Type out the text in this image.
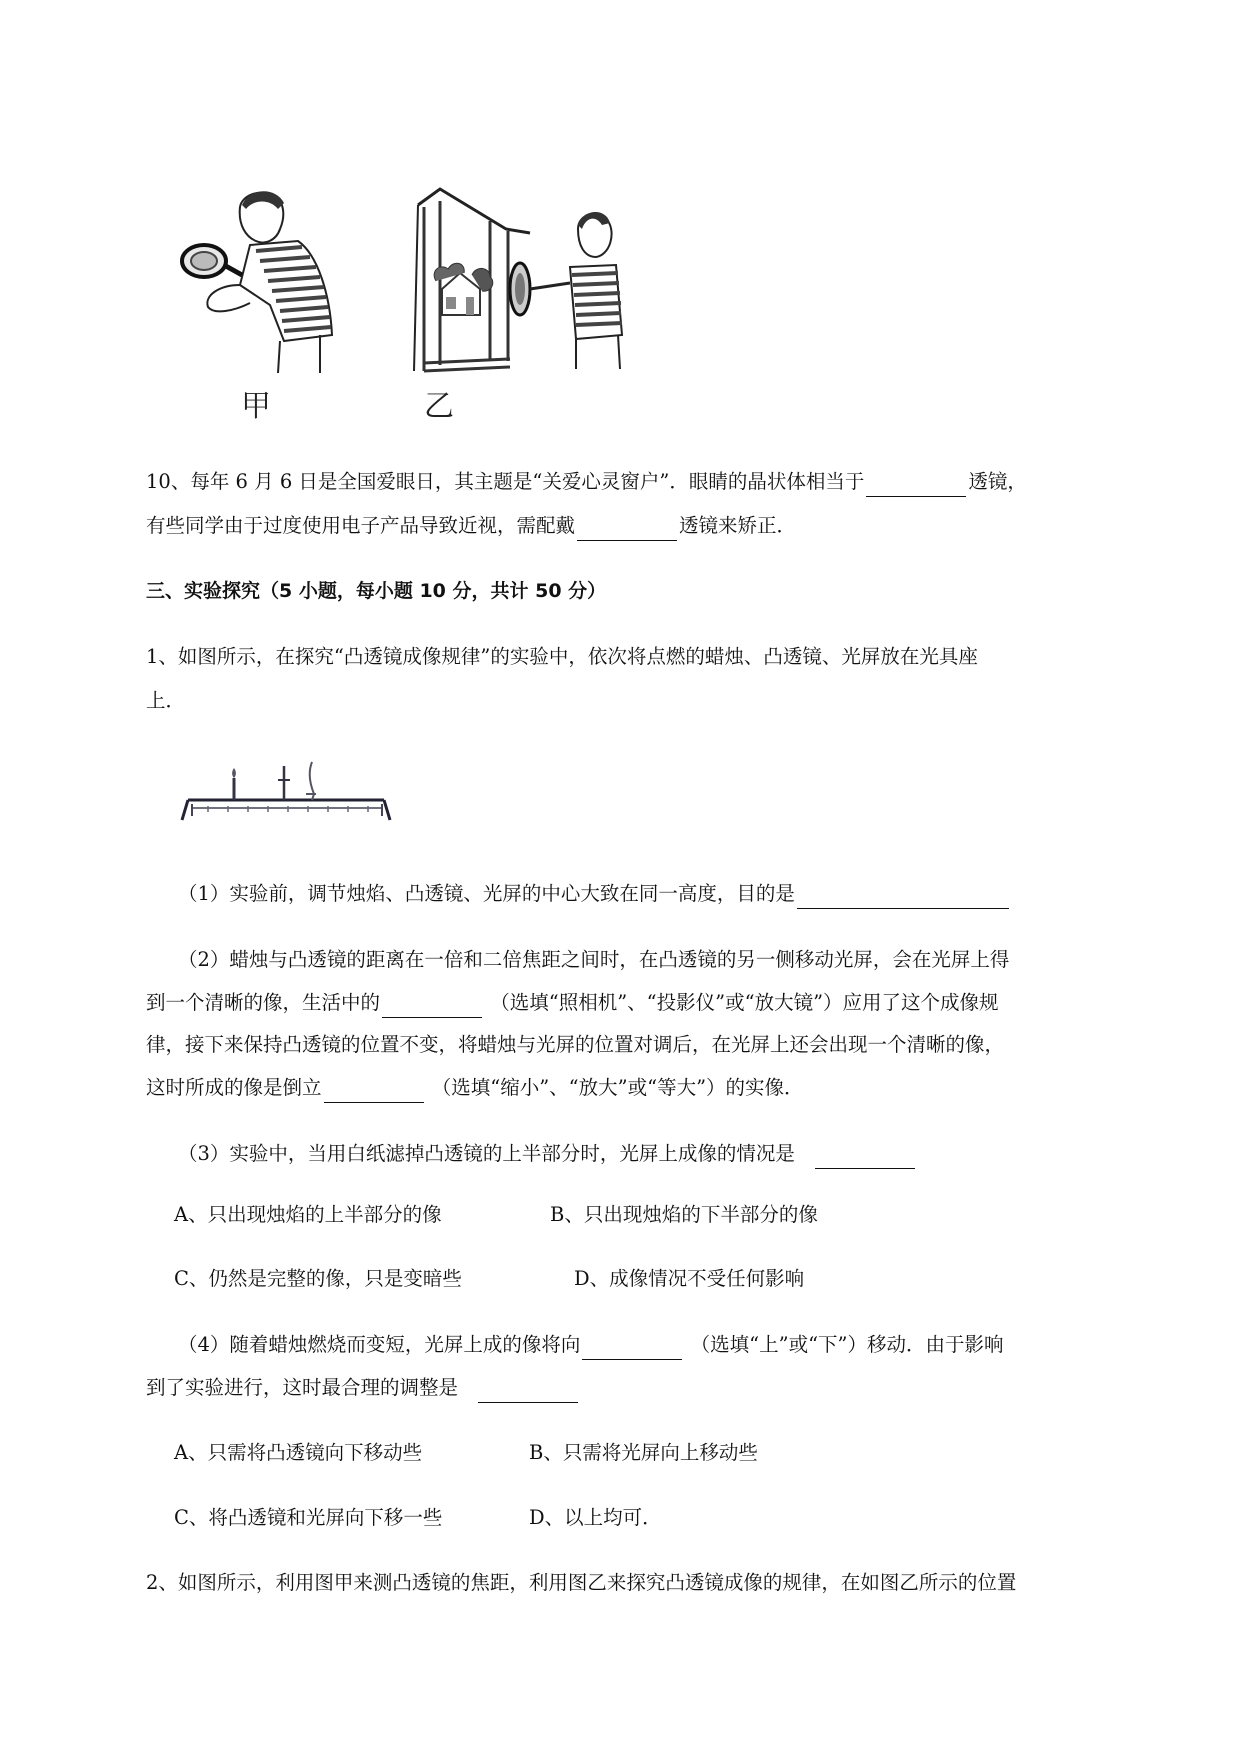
甲	乙
10、每年 6 月 6 日是全国爱眼日，其主题是“关爱心灵窗户”．眼睛的晶状体相当于	透镜，
有些同学由于过度使用电子产品导致近视，需配戴	透镜来矫正．
三、实验探究（5 小题，每小题 10 分，共计 50 分）
1、如图所示，在探究“凸透镜成像规律”的实验中，依次将点燃的蜡烛、凸透镜、光屏放在光具座
上．
（1）实验前，调节烛焰、凸透镜、光屏的中心大致在同一高度，目的是
（2）蜡烛与凸透镜的距离在一倍和二倍焦距之间时，在凸透镜的另一侧移动光屏，会在光屏上得
到一个清晰的像，生活中的	（选填“照相机”、“投影仪”或“放大镜”）应用了这个成像规
律，接下来保持凸透镜的位置不变，将蜡烛与光屏的位置对调后，在光屏上还会出现一个清晰的像，
这时所成的像是倒立	（选填“缩小”、“放大”或“等大”）的实像．
（3）实验中，当用白纸滤掉凸透镜的上半部分时，光屏上成像的情况是
A、只出现烛焰的上半部分的像	B、只出现烛焰的下半部分的像
C、仍然是完整的像，只是变暗些	D、成像情况不受任何影响
（4）随着蜡烛燃烧而变短，光屏上成的像将向	（选填“上”或“下”）移动．由于影响
到了实验进行，这时最合理的调整是
A、只需将凸透镜向下移动些	B、只需将光屏向上移动些
C、将凸透镜和光屏向下移一些	D、以上均可．
2、如图所示，利用图甲来测凸透镜的焦距，利用图乙来探究凸透镜成像的规律，在如图乙所示的位置
